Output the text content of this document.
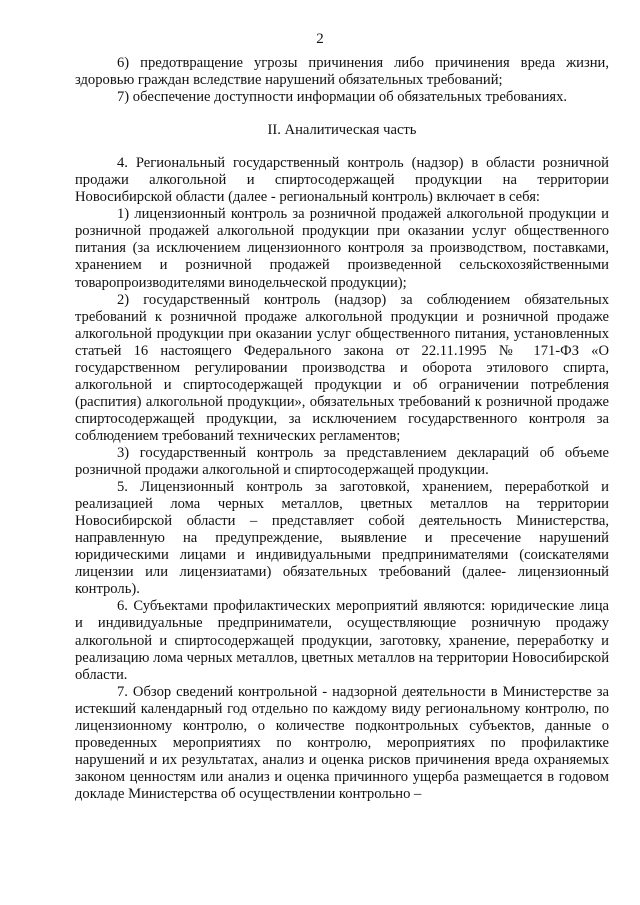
2

6) предотвращение угрозы причинения либо причинения вреда жизни, здоровью граждан вследствие нарушений обязательных требований;

7) обеспечение доступности информации об обязательных требованиях.

II. Аналитическая часть

4. Региональный государственный контроль (надзор) в области розничной продажи алкогольной и спиртосодержащей продукции на территории Новосибирской области (далее - региональный контроль) включает в себя:

1) лицензионный контроль за розничной продажей алкогольной продукции и розничной продажей алкогольной продукции при оказании услуг общественного питания (за исключением лицензионного контроля за производством, поставками, хранением и розничной продажей произведенной сельскохозяйственными товаропроизводителями винодельческой продукции);

2) государственный контроль (надзор) за соблюдением обязательных требований к розничной продаже алкогольной продукции и розничной продаже алкогольной продукции при оказании услуг общественного питания, установленных статьей 16 настоящего Федерального закона от 22.11.1995 № 171-ФЗ «О государственном регулировании производства и оборота этилового спирта, алкогольной и спиртосодержащей продукции и об ограничении потребления (распития) алкогольной продукции», обязательных требований к розничной продаже спиртосодержащей продукции, за исключением государственного контроля за соблюдением требований технических регламентов;

3) государственный контроль за представлением деклараций об объеме розничной продажи алкогольной и спиртосодержащей продукции.

5. Лицензионный контроль за заготовкой, хранением, переработкой и реализацией лома черных металлов, цветных металлов на территории Новосибирской области – представляет собой деятельность Министерства, направленную на предупреждение, выявление и пресечение нарушений юридическими лицами и индивидуальными предпринимателями (соискателями лицензии или лицензиатами) обязательных требований (далее- лицензионный контроль).

6. Субъектами профилактических мероприятий являются: юридические лица и индивидуальные предприниматели, осуществляющие розничную продажу алкогольной и спиртосодержащей продукции, заготовку, хранение, переработку и реализацию лома черных металлов, цветных металлов на территории Новосибирской области.

7. Обзор сведений контрольной - надзорной деятельности в Министерстве за истекший календарный год отдельно по каждому виду региональному контролю, по лицензионному контролю, о количестве подконтрольных субъектов, данные о проведенных мероприятиях по контролю, мероприятиях по профилактике нарушений и их результатах, анализ и оценка рисков причинения вреда охраняемых законом ценностям или анализ и оценка причинного ущерба размещается в годовом докладе Министерства об осуществлении контрольно –
